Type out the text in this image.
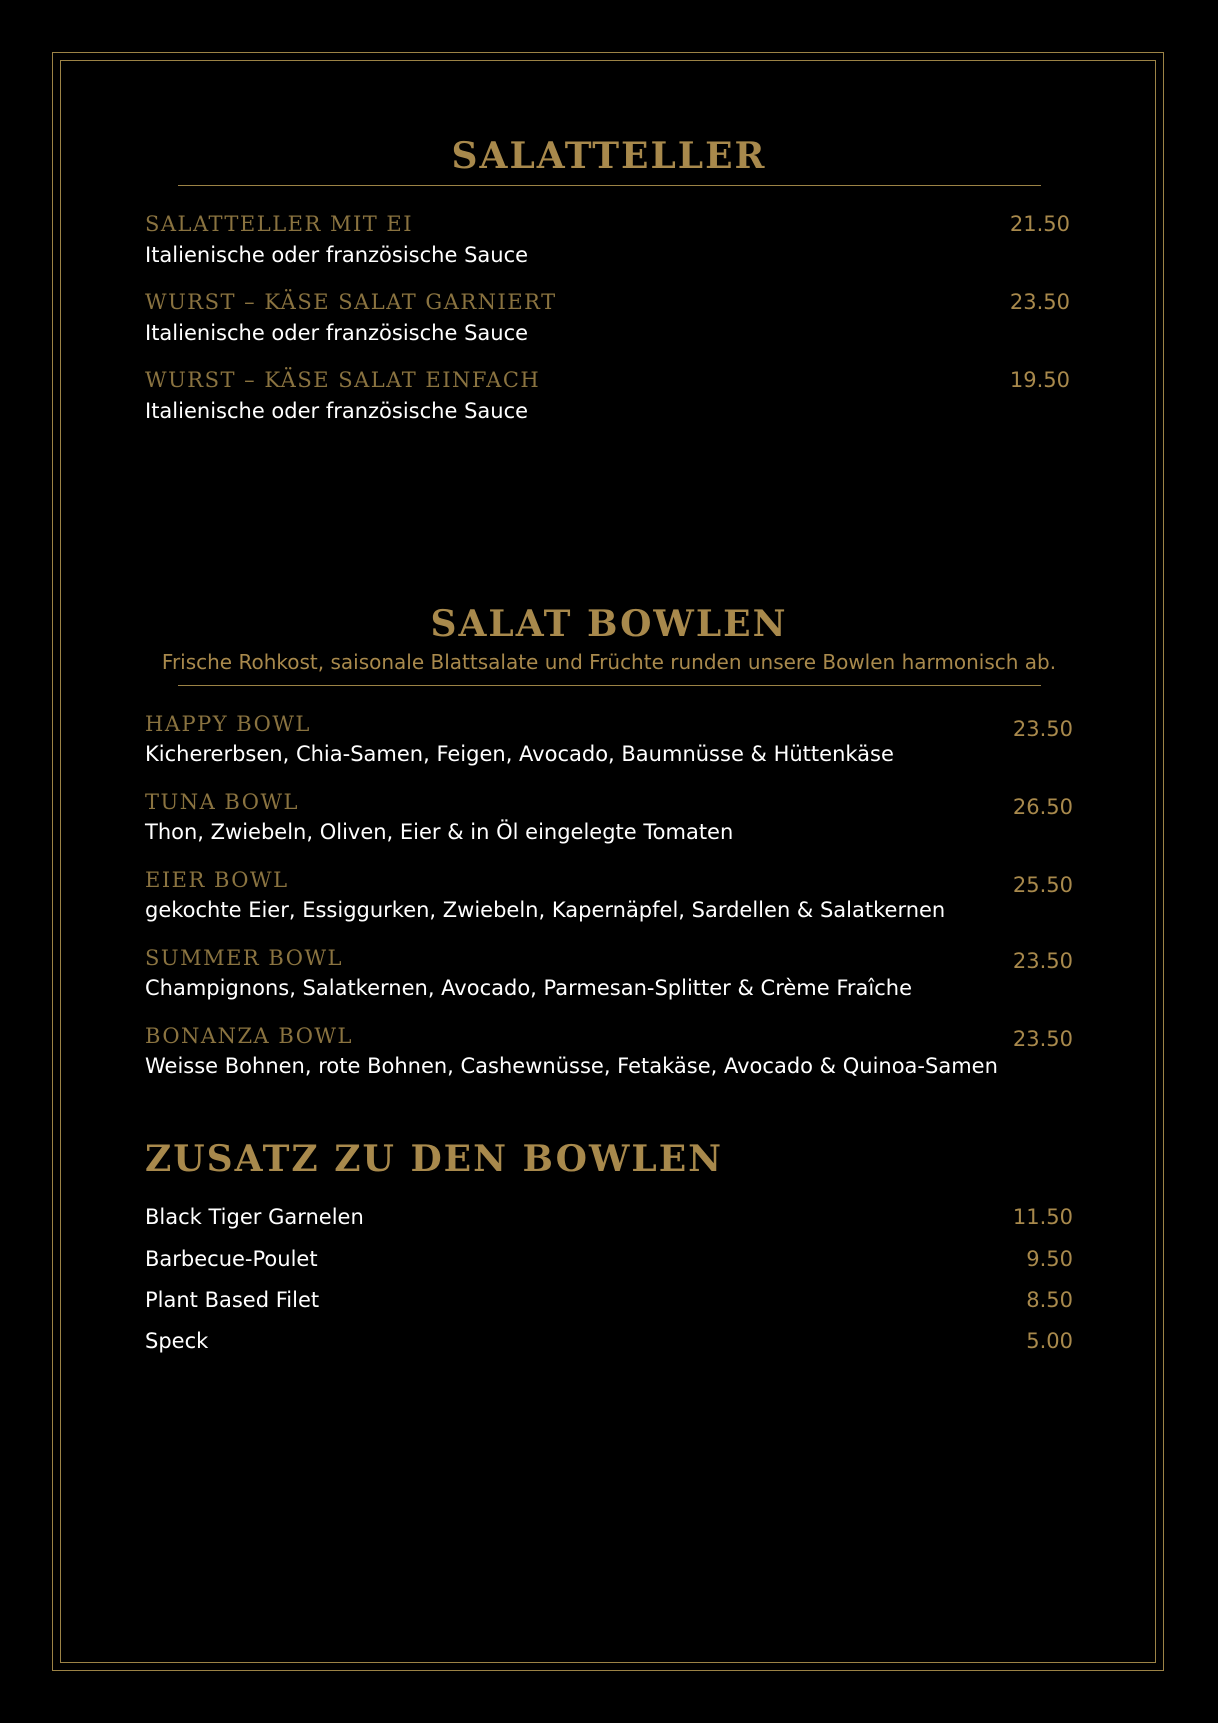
SALATTELLER
SALATTELLER MIT EI	21.50
Italienische oder französische Sauce
WURST – KÄSE SALAT GARNIERT	23.50
Italienische oder französische Sauce
WURST – KÄSE SALAT EINFACH	19.50
Italienische oder französische Sauce
SALAT BOWLEN
Frische Rohkost, saisonale Blattsalate und Früchte runden unsere Bowlen harmonisch ab.
HAPPY BOWL	23.50
Kichererbsen, Chia-Samen, Feigen, Avocado, Baumnüsse & Hüttenkäse
TUNA BOWL	26.50
Thon, Zwiebeln, Oliven, Eier & in Öl eingelegte Tomaten
EIER BOWL	25.50
gekochte Eier, Essiggurken, Zwiebeln, Kapernäpfel, Sardellen & Salatkernen
SUMMER BOWL	23.50
Champignons, Salatkernen, Avocado, Parmesan-Splitter & Crème Fraîche
BONANZA BOWL	23.50
Weisse Bohnen, rote Bohnen, Cashewnüsse, Fetakäse, Avocado & Quinoa-Samen
ZUSATZ ZU DEN BOWLEN
Black Tiger Garnelen	11.50
Barbecue-Poulet	9.50
Plant Based Filet	8.50
Speck	5.00
